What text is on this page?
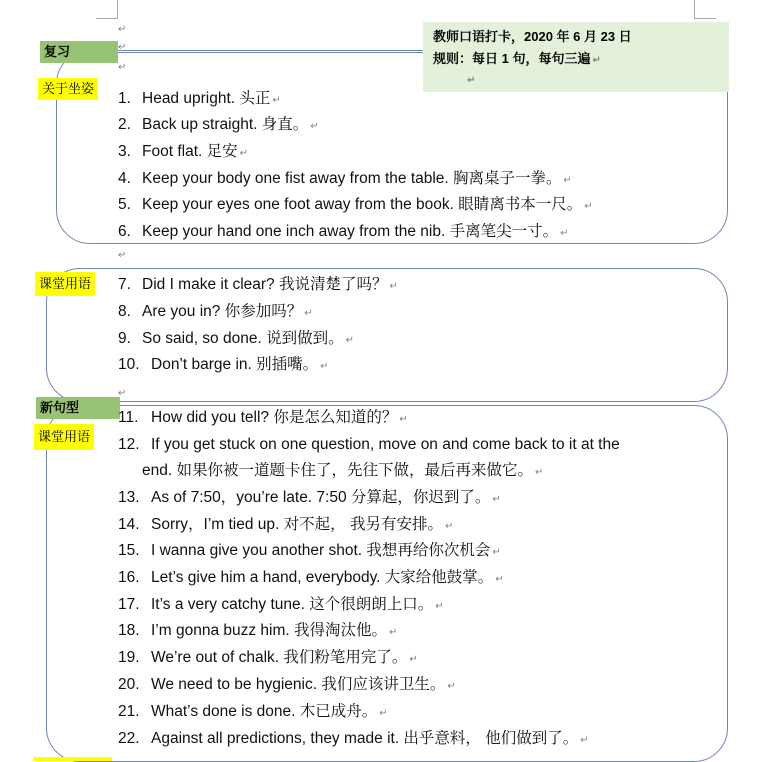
复习
关于坐姿
课堂用语
新句型
课堂用语
教师口语打卡，2020 年 6 月 23 日
规则：每日 1 句，每句三遍 ↵
↵
↵
↵
↵
↵
↵
1. Head upright. 头正 ↵
2. Back up straight. 身直。 ↵
3. Foot flat. 足安 ↵
4. Keep your body one fist away from the table. 胸离桌子一拳。 ↵
5. Keep your eyes one foot away from the book. 眼睛离书本一尺。 ↵
6. Keep your hand one inch away from the nib. 手离笔尖一寸。 ↵
7. Did I make it clear? 我说清楚了吗？ ↵
8. Are you in? 你参加吗？ ↵
9. So said, so done. 说到做到。 ↵
10. Don’t barge in. 别插嘴。 ↵
11. How did you tell? 你是怎么知道的？ ↵
12. If you get stuck on one question, move on and come back to it at the
end. 如果你被一道题卡住了，先往下做，最后再来做它。 ↵
13. As of 7:50，you’re late. 7:50 分算起，你迟到了。 ↵
14. Sorry，I’m tied up. 对不起， 我另有安排。 ↵
15. I wanna give you another shot. 我想再给你次机会 ↵
16. Let’s give him a hand, everybody. 大家给他鼓掌。 ↵
17. It’s a very catchy tune. 这个很朗朗上口。 ↵
18. I’m gonna buzz him. 我得淘汰他。 ↵
19. We’re out of chalk. 我们粉笔用完了。 ↵
20. We need to be hygienic. 我们应该讲卫生。 ↵
21. What’s done is done. 木已成舟。 ↵
22. Against all predictions, they made it. 出乎意料， 他们做到了。 ↵
